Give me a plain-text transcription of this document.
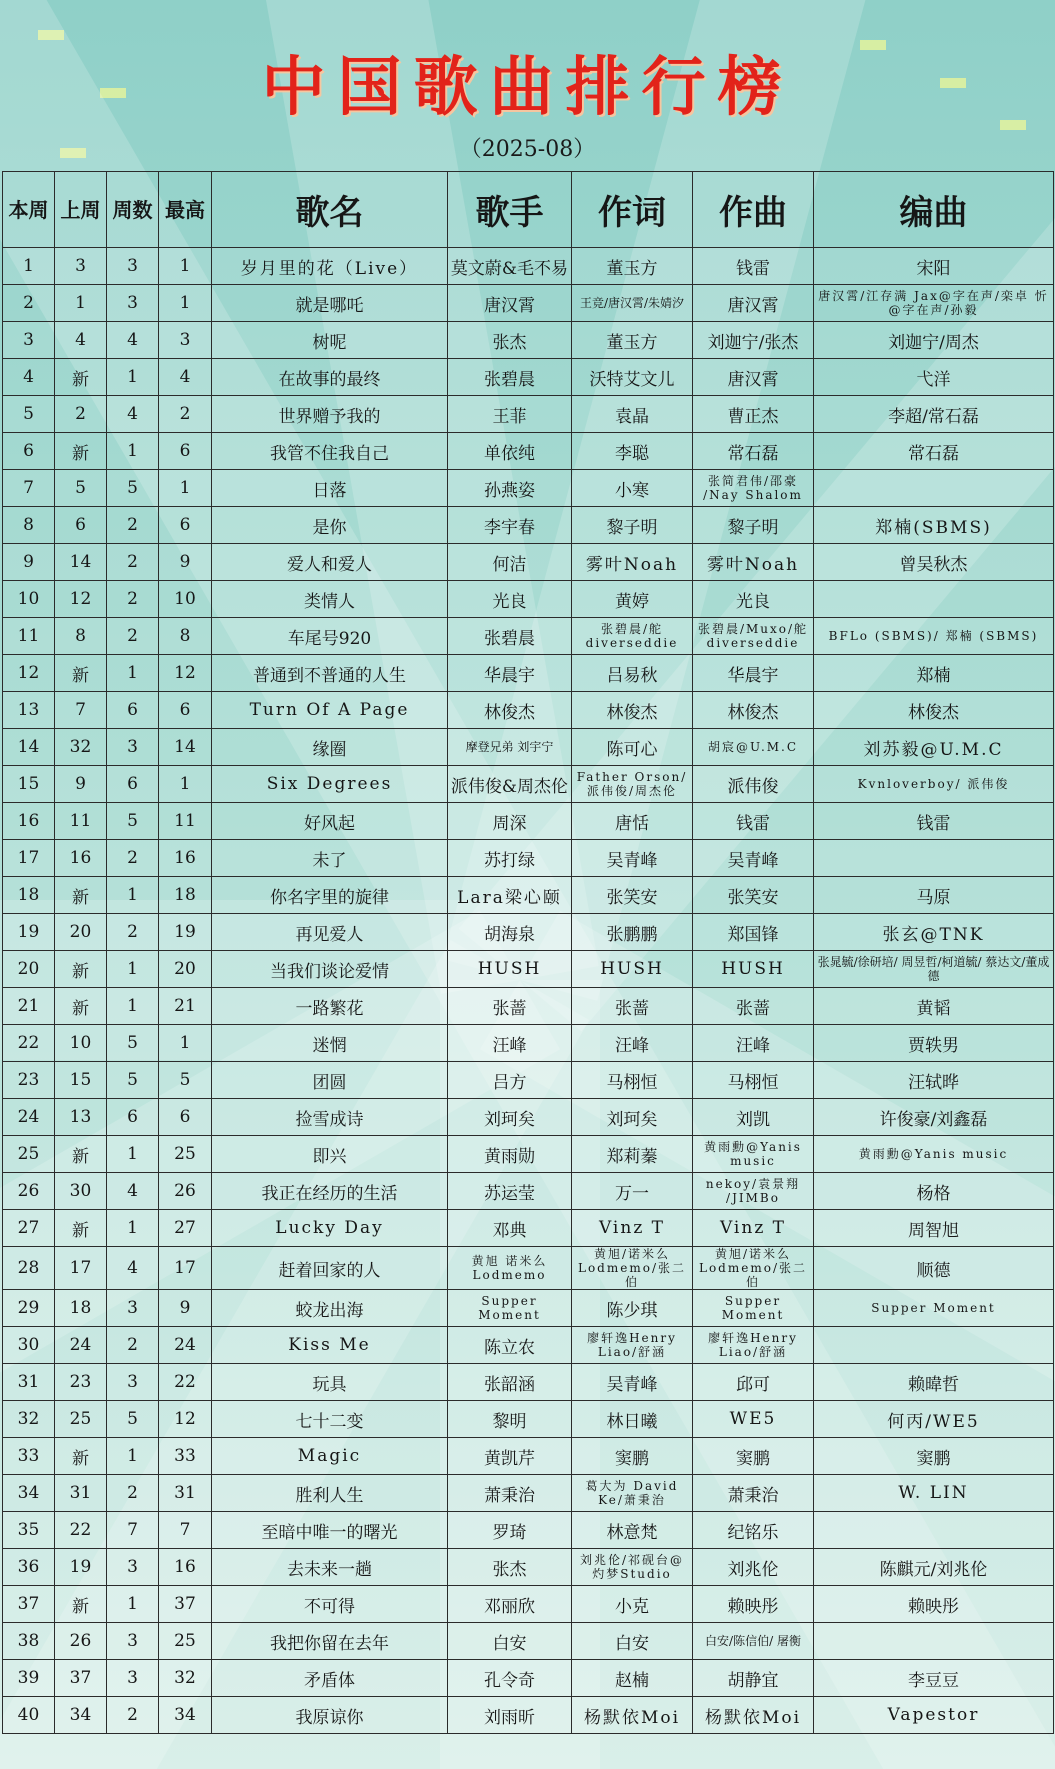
中国歌曲排行榜
（2025-08）
本周	上周	周数	最高	歌名	歌手	作词	作曲	编曲
1	3	3	1	岁月里的花（Live）	莫文蔚&毛不易	董玉方	钱雷	宋阳
2	1	3	1	就是哪吒	唐汉霄	王竞/唐汉霄/朱婧汐	唐汉霄	唐汉霄/江存满 Jax@字在声/栾卓 忻@字在声/孙毅
3	4	4	3	树呢	张杰	董玉方	刘迦宁/张杰	刘迦宁/周杰
4	新	1	4	在故事的最终	张碧晨	沃特艾文儿	唐汉霄	弋洋
5	2	4	2	世界赠予我的	王菲	袁晶	曹正杰	李超/常石磊
6	新	1	6	我管不住我自己	单依纯	李聪	常石磊	常石磊
7	5	5	1	日落	孙燕姿	小寒	张简君伟/邵豪 /Nay Shalom	
8	6	2	6	是你	李宇春	黎子明	黎子明	郑楠(SBMS)
9	14	2	9	爱人和爱人	何洁	雾叶Noah	雾叶Noah	曾吴秋杰
10	12	2	10	类情人	光良	黄婷	光良	
11	8	2	8	车尾号920	张碧晨	张碧晨/舵 diverseddie	张碧晨/Muxo/舵 diverseddie	BFLo (SBMS)/ 郑楠 (SBMS)
12	新	1	12	普通到不普通的人生	华晨宇	吕易秋	华晨宇	郑楠
13	7	6	6	Turn Of A Page	林俊杰	林俊杰	林俊杰	林俊杰
14	32	3	14	缘圈	摩登兄弟 刘宇宁	陈可心	胡宸@U.M.C	刘苏毅@U.M.C
15	9	6	1	Six Degrees	派伟俊&周杰伦	Father Orson/ 派伟俊/周杰伦	派伟俊	Kvnloverboy/ 派伟俊
16	11	5	11	好风起	周深	唐恬	钱雷	钱雷
17	16	2	16	未了	苏打绿	吴青峰	吴青峰	
18	新	1	18	你名字里的旋律	Lara梁心颐	张笑安	张笑安	马原
19	20	2	19	再见爱人	胡海泉	张鹏鹏	郑国锋	张玄@TNK
20	新	1	20	当我们谈论爱情	HUSH	HUSH	HUSH	张晁毓/徐研培/ 周昱哲/柯道毓/ 蔡达文/董成德
21	新	1	21	一路繁花	张蔷	张蔷	张蔷	黄韬
22	10	5	1	迷惘	汪峰	汪峰	汪峰	贾轶男
23	15	5	5	团圆	吕方	马栩恒	马栩恒	汪轼晔
24	13	6	6	捡雪成诗	刘珂矣	刘珂矣	刘凯	许俊豪/刘鑫磊
25	新	1	25	即兴	黄雨勋	郑莉蓁	黄雨勳@Yanis music	黄雨勳@Yanis music
26	30	4	26	我正在经历的生活	苏运莹	万一	nekoy/袁景翔 /JIMBo	杨格
27	新	1	27	Lucky Day	邓典	Vinz T	Vinz T	周智旭
28	17	4	17	赶着回家的人	黄旭 诺米么Lodmemo	黄旭/诺米么 Lodmemo/张二伯	黄旭/诺米么 Lodmemo/张二伯	顺德
29	18	3	9	蛟龙出海	Supper Moment	陈少琪	Supper Moment	Supper Moment
30	24	2	24	Kiss Me	陈立农	廖轩逸Henry Liao/舒涵	廖轩逸Henry Liao/舒涵	
31	23	3	22	玩具	张韶涵	吴青峰	邱可	赖暐哲
32	25	5	12	七十二变	黎明	林日曦	WE5	何丙/WE5
33	新	1	33	Magic	黄凯芹	窦鹏	窦鹏	窦鹏
34	31	2	31	胜利人生	萧秉治	葛大为 David Ke/萧秉治	萧秉治	W. LIN
35	22	7	7	至暗中唯一的曙光	罗琦	林意梵	纪铭乐	
36	19	3	16	去未来一趟	张杰	刘兆伦/祁砚台@ 灼梦Studio	刘兆伦	陈麒元/刘兆伦
37	新	1	37	不可得	邓丽欣	小克	赖映彤	赖映彤
38	26	3	25	我把你留在去年	白安	白安	白安/陈信伯/ 屠衡	
39	37	3	32	矛盾体	孔令奇	赵楠	胡静宜	李豆豆
40	34	2	34	我原谅你	刘雨昕	杨默依Moi	杨默依Moi	Vapestor
